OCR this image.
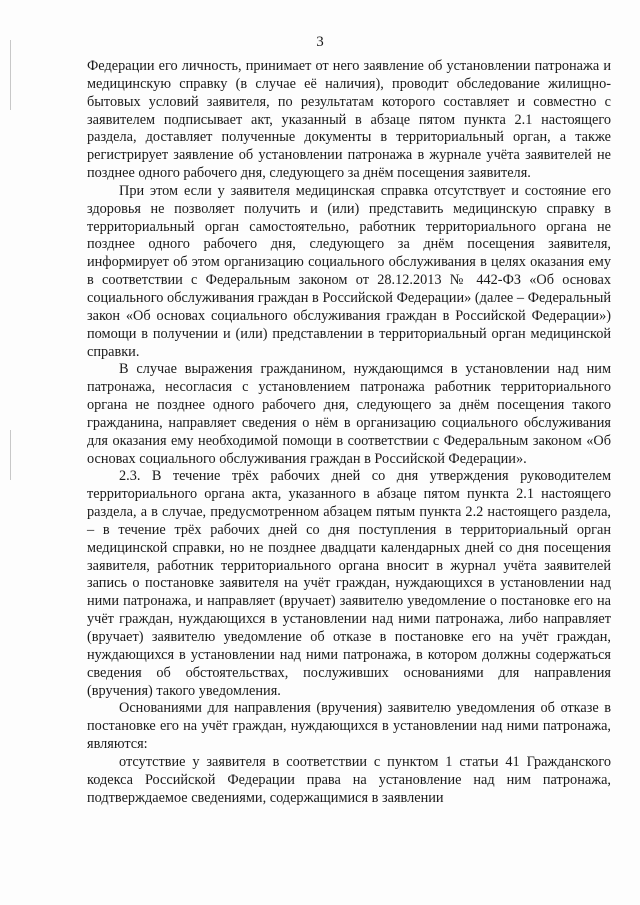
3

Федерации его личность, принимает от него заявление об установлении патронажа и медицинскую справку (в случае её наличия), проводит обследование жилищно-бытовых условий заявителя, по результатам которого составляет и совместно с заявителем подписывает акт, указанный в абзаце пятом пункта 2.1 настоящего раздела, доставляет полученные документы в территориальный орган, а также регистрирует заявление об установлении патронажа в журнале учёта заявителей не позднее одного рабочего дня, следующего за днём посещения заявителя.

При этом если у заявителя медицинская справка отсутствует и состояние его здоровья не позволяет получить и (или) представить медицинскую справку в территориальный орган самостоятельно, работник территориального органа не позднее одного рабочего дня, следующего за днём посещения заявителя, информирует об этом организацию социального обслуживания в целях оказания ему в соответствии с Федеральным законом от 28.12.2013 № 442-ФЗ «Об основах социального обслуживания граждан в Российской Федерации» (далее – Федеральный закон «Об основах социального обслуживания граждан в Российской Федерации») помощи в получении и (или) представлении в территориальный орган медицинской справки.

В случае выражения гражданином, нуждающимся в установлении над ним патронажа, несогласия с установлением патронажа работник территориального органа не позднее одного рабочего дня, следующего за днём посещения такого гражданина, направляет сведения о нём в организацию социального обслуживания для оказания ему необходимой помощи в соответствии с Федеральным законом «Об основах социального обслуживания граждан в Российской Федерации».

2.3. В течение трёх рабочих дней со дня утверждения руководителем территориального органа акта, указанного в абзаце пятом пункта 2.1 настоящего раздела, а в случае, предусмотренном абзацем пятым пункта 2.2 настоящего раздела, – в течение трёх рабочих дней со дня поступления в территориальный орган медицинской справки, но не позднее двадцати календарных дней со дня посещения заявителя, работник территориального органа вносит в журнал учёта заявителей запись о постановке заявителя на учёт граждан, нуждающихся в установлении над ними патронажа, и направляет (вручает) заявителю уведомление о постановке его на учёт граждан, нуждающихся в установлении над ними патронажа, либо направляет (вручает) заявителю уведомление об отказе в постановке его на учёт граждан, нуждающихся в установлении над ними патронажа, в котором должны содержаться сведения об обстоятельствах, послуживших основаниями для направления (вручения) такого уведомления.

Основаниями для направления (вручения) заявителю уведомления об отказе в постановке его на учёт граждан, нуждающихся в установлении над ними патронажа, являются:

отсутствие у заявителя в соответствии с пунктом 1 статьи 41 Гражданского кодекса Российской Федерации права на установление над ним патронажа, подтверждаемое сведениями, содержащимися в заявлении
